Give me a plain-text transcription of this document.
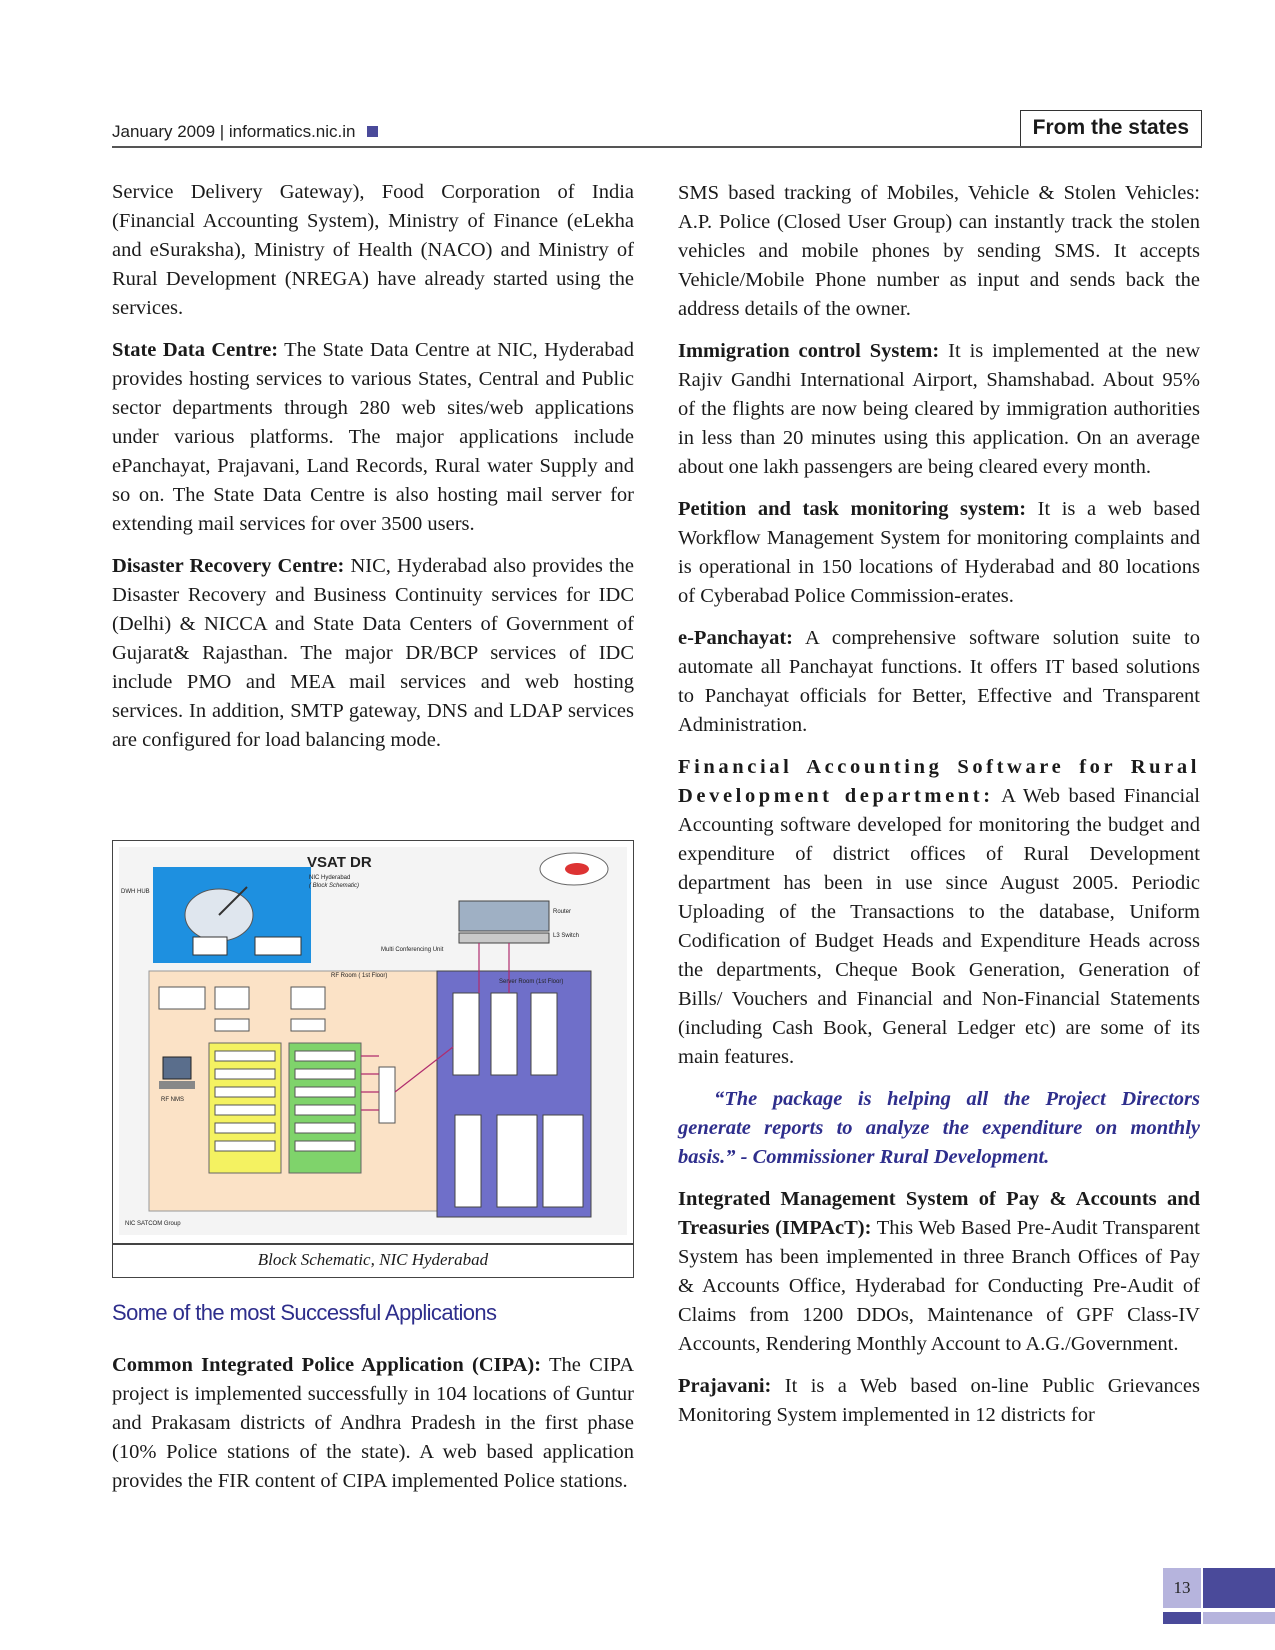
January 2009 | informatics.nic.in	From the states

Service Delivery Gateway), Food Corporation of India (Financial Accounting System), Ministry of Finance (eLekha and eSuraksha), Ministry of Health (NACO) and Ministry of Rural Development (NREGA) have already started using the services.

State Data Centre: The State Data Centre at NIC, Hyderabad provides hosting services to various States, Central and Public sector departments through 280 web sites/web applications under various platforms. The major applications include ePanchayat, Prajavani, Land Records, Rural water Supply and so on. The State Data Centre is also hosting mail server for extending mail services for over 3500 users.

Disaster Recovery Centre: NIC, Hyderabad also provides the Disaster Recovery and Business Continuity services for IDC (Delhi) & NICCA and State Data Centers of Government of Gujarat& Rajasthan. The major DR/BCP services of IDC include PMO and MEA mail services and web hosting services. In addition, SMTP gateway, DNS and LDAP services are configured for load balancing mode.

VSAT DR
NIC Hyderabad
( Block Schematic)
DWH HUB
Router
L3 Switch
Multi Conferencing Unit
RF Room ( 1st Floor)
Server Room (1st Floor)
RF NMS
NIC SATCOM Group
Block Schematic, NIC Hyderabad
Some of the most Successful Applications

Common Integrated Police Application (CIPA): The CIPA project is implemented successfully in 104 locations of Guntur and Prakasam districts of Andhra Pradesh in the first phase (10% Police stations of the state). A web based application provides the FIR content of CIPA implemented Police stations.

SMS based tracking of Mobiles, Vehicle & Stolen Vehicles: A.P. Police (Closed User Group) can instantly track the stolen vehicles and mobile phones by sending SMS. It accepts Vehicle/Mobile Phone number as input and sends back the address details of the owner.

Immigration control System: It is implemented at the new Rajiv Gandhi International Airport, Shamshabad. About 95% of the flights are now being cleared by immigration authorities in less than 20 minutes using this application. On an average about one lakh passengers are being cleared every month.

Petition and task monitoring system: It is a web based Workflow Management System for monitoring complaints and is operational in 150 locations of Hyderabad and 80 locations of Cyberabad Police Commission-erates.

e-Panchayat: A comprehensive software solution suite to automate all Panchayat functions. It offers IT based solutions to Panchayat officials for Better, Effective and Transparent Administration.

Financial Accounting Software for Rural Development department: A Web based Financial Accounting software developed for monitoring the budget and expenditure of district offices of Rural Development department has been in use since August 2005. Periodic Uploading of the Transactions to the database, Uniform Codification of Budget Heads and Expenditure Heads across the departments, Cheque Book Generation, Generation of Bills/ Vouchers and Financial and Non-Financial Statements (including Cash Book, General Ledger etc) are some of its main features.

“The package is helping all the Project Directors generate reports to analyze the expenditure on monthly basis.” - Commissioner Rural Development.

Integrated Management System of Pay & Accounts and Treasuries (IMPAcT): This Web Based Pre-Audit Transparent System has been implemented in three Branch Offices of Pay & Accounts Office, Hyderabad for Conducting Pre-Audit of Claims from 1200 DDOs, Maintenance of GPF Class-IV Accounts, Rendering Monthly Account to A.G./Government.

Prajavani: It is a Web based on-line Public Grievances Monitoring System implemented in 12 districts for

13
